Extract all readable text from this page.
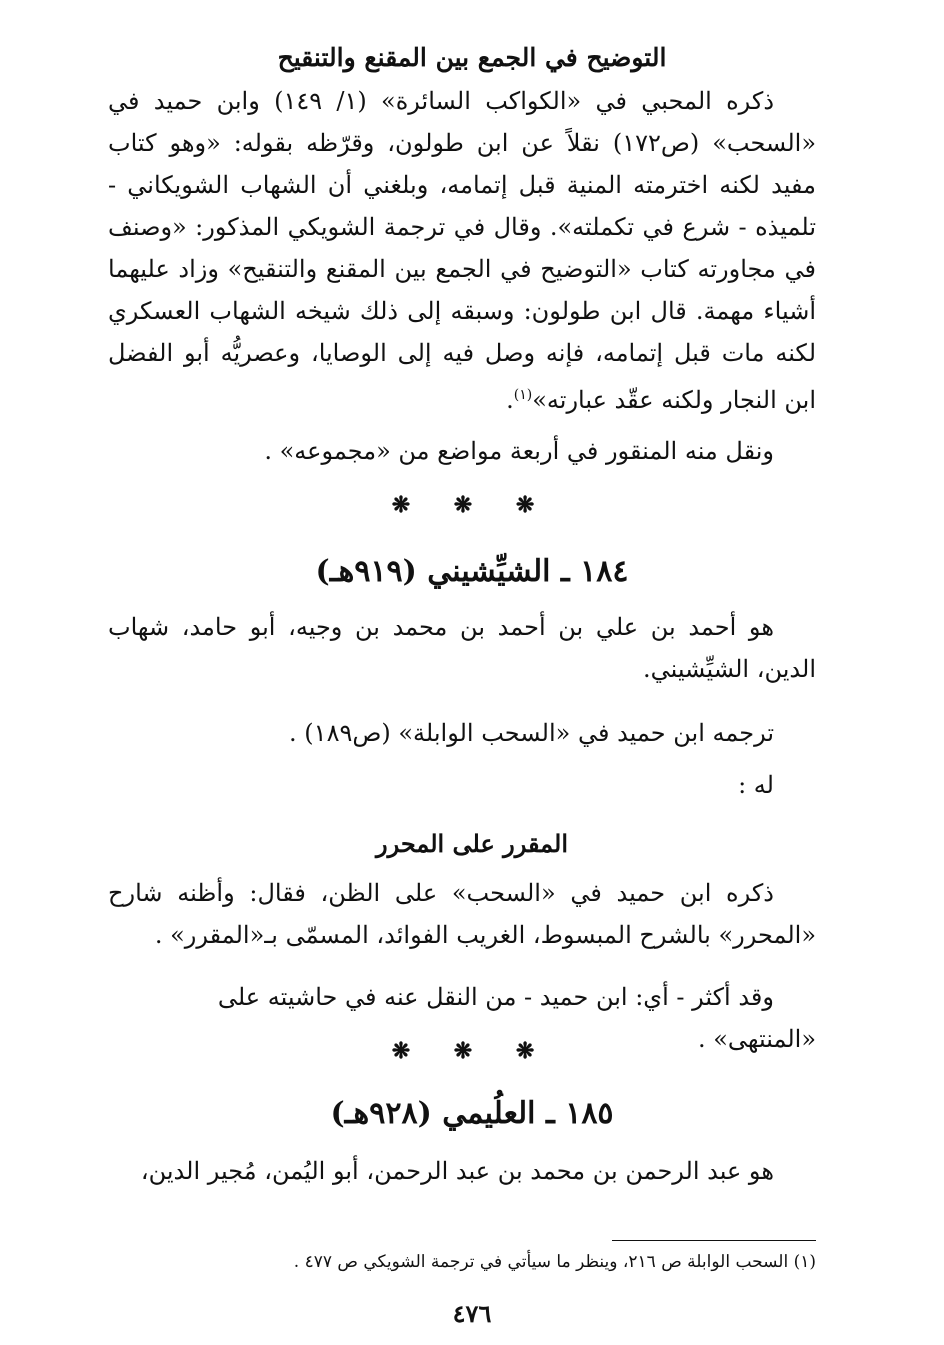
التوضيح في الجمع بين المقنع والتنقيح

ذكره المحبي في «الكواكب السائرة» (١/ ١٤٩) وابن حميد في «السحب» (ص١٧٢) نقلاً عن ابن طولون، وقرّظه بقوله: «وهو كتاب مفيد لكنه اخترمته المنية قبل إتمامه، وبلغني أن الشهاب الشويكاني - تلميذه - شرع في تكملته». وقال في ترجمة الشويكي المذكور: «وصنف في مجاورته كتاب «التوضيح في الجمع بين المقنع والتنقيح» وزاد عليهما أشياء مهمة. قال ابن طولون: وسبقه إلى ذلك شيخه الشهاب العسكري لكنه مات قبل إتمامه، فإنه وصل فيه إلى الوصايا، وعصريُّه أبو الفضل ابن النجار ولكنه عقّد عبارته»$^{(١)}$.

ونقل منه المنقور في أربعة مواضع من «مجموعه» .

❋ ❋ ❋
١٨٤ ـ الشيِّشيني (٩١٩هـ)

هو أحمد بن علي بن أحمد بن محمد بن وجيه، أبو حامد، شهاب الدين، الشيِّشيني.

ترجمه ابن حميد في «السحب الوابلة» (ص١٨٩) .

له :

المقرر على المحرر

ذكره ابن حميد في «السحب» على الظن، فقال: وأظنه شارح «المحرر» بالشرح المبسوط، الغريب الفوائد، المسمّى بـ«المقرر» .

وقد أكثر - أي: ابن حميد - من النقل عنه في حاشيته على «المنتهى» .

❋ ❋ ❋
١٨٥ ـ العلُيمي (٩٢٨هـ)

هو عبد الرحمن بن محمد بن عبد الرحمن، أبو اليُمن، مُجير الدين،

(١) السحب الوابلة ص ٢١٦، وينظر ما سيأتي في ترجمة الشويكي ص ٤٧٧ .
٤٧٦
